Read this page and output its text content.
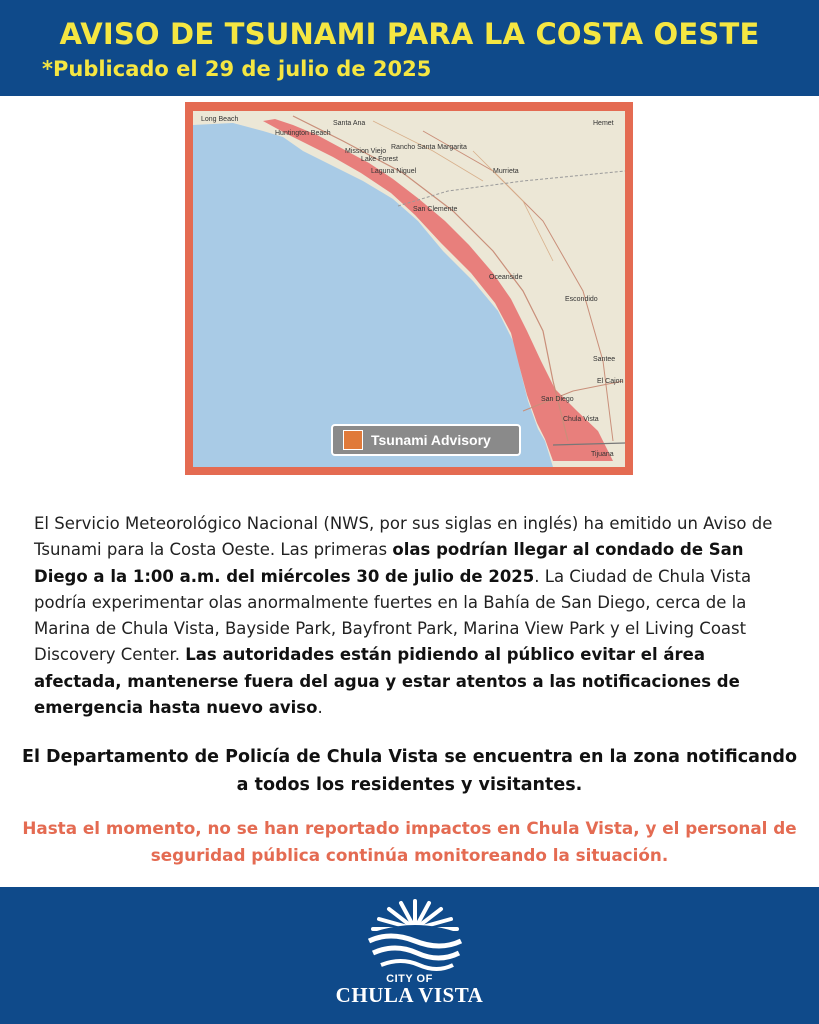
AVISO DE TSUNAMI PARA LA COSTA OESTE
*Publicado el 29 de julio de 2025
Long Beach
Santa Ana	Hemet
Huntington Beach
Mission Viejo
Lake Forest
Laguna Niguel
Rancho Santa Margarita
Murrieta
San Clemente
Oceanside
Escondido
Santee
El Cajon
San Diego
Chula Vista
Tijuana
Tsunami Advisory
El Servicio Meteorológico Nacional (NWS, por sus siglas en inglés) ha emitido un Aviso de Tsunami para la Costa Oeste. Las primeras olas podrían llegar al condado de San Diego a la 1:00 a.m. del miércoles 30 de julio de 2025. La Ciudad de Chula Vista podría experimentar olas anormalmente fuertes en la Bahía de San Diego, cerca de la Marina de Chula Vista, Bayside Park, Bayfront Park, Marina View Park y el Living Coast Discovery Center. Las autoridades están pidiendo al público evitar el área afectada, mantenerse fuera del agua y estar atentos a las notificaciones de emergencia hasta nuevo aviso.
El Departamento de Policía de Chula Vista se encuentra en la zona notificando a todos los residentes y visitantes.
Hasta el momento, no se han reportado impactos en Chula Vista, y el personal de seguridad pública continúa monitoreando la situación.
CITY OF
CHULA VISTA
